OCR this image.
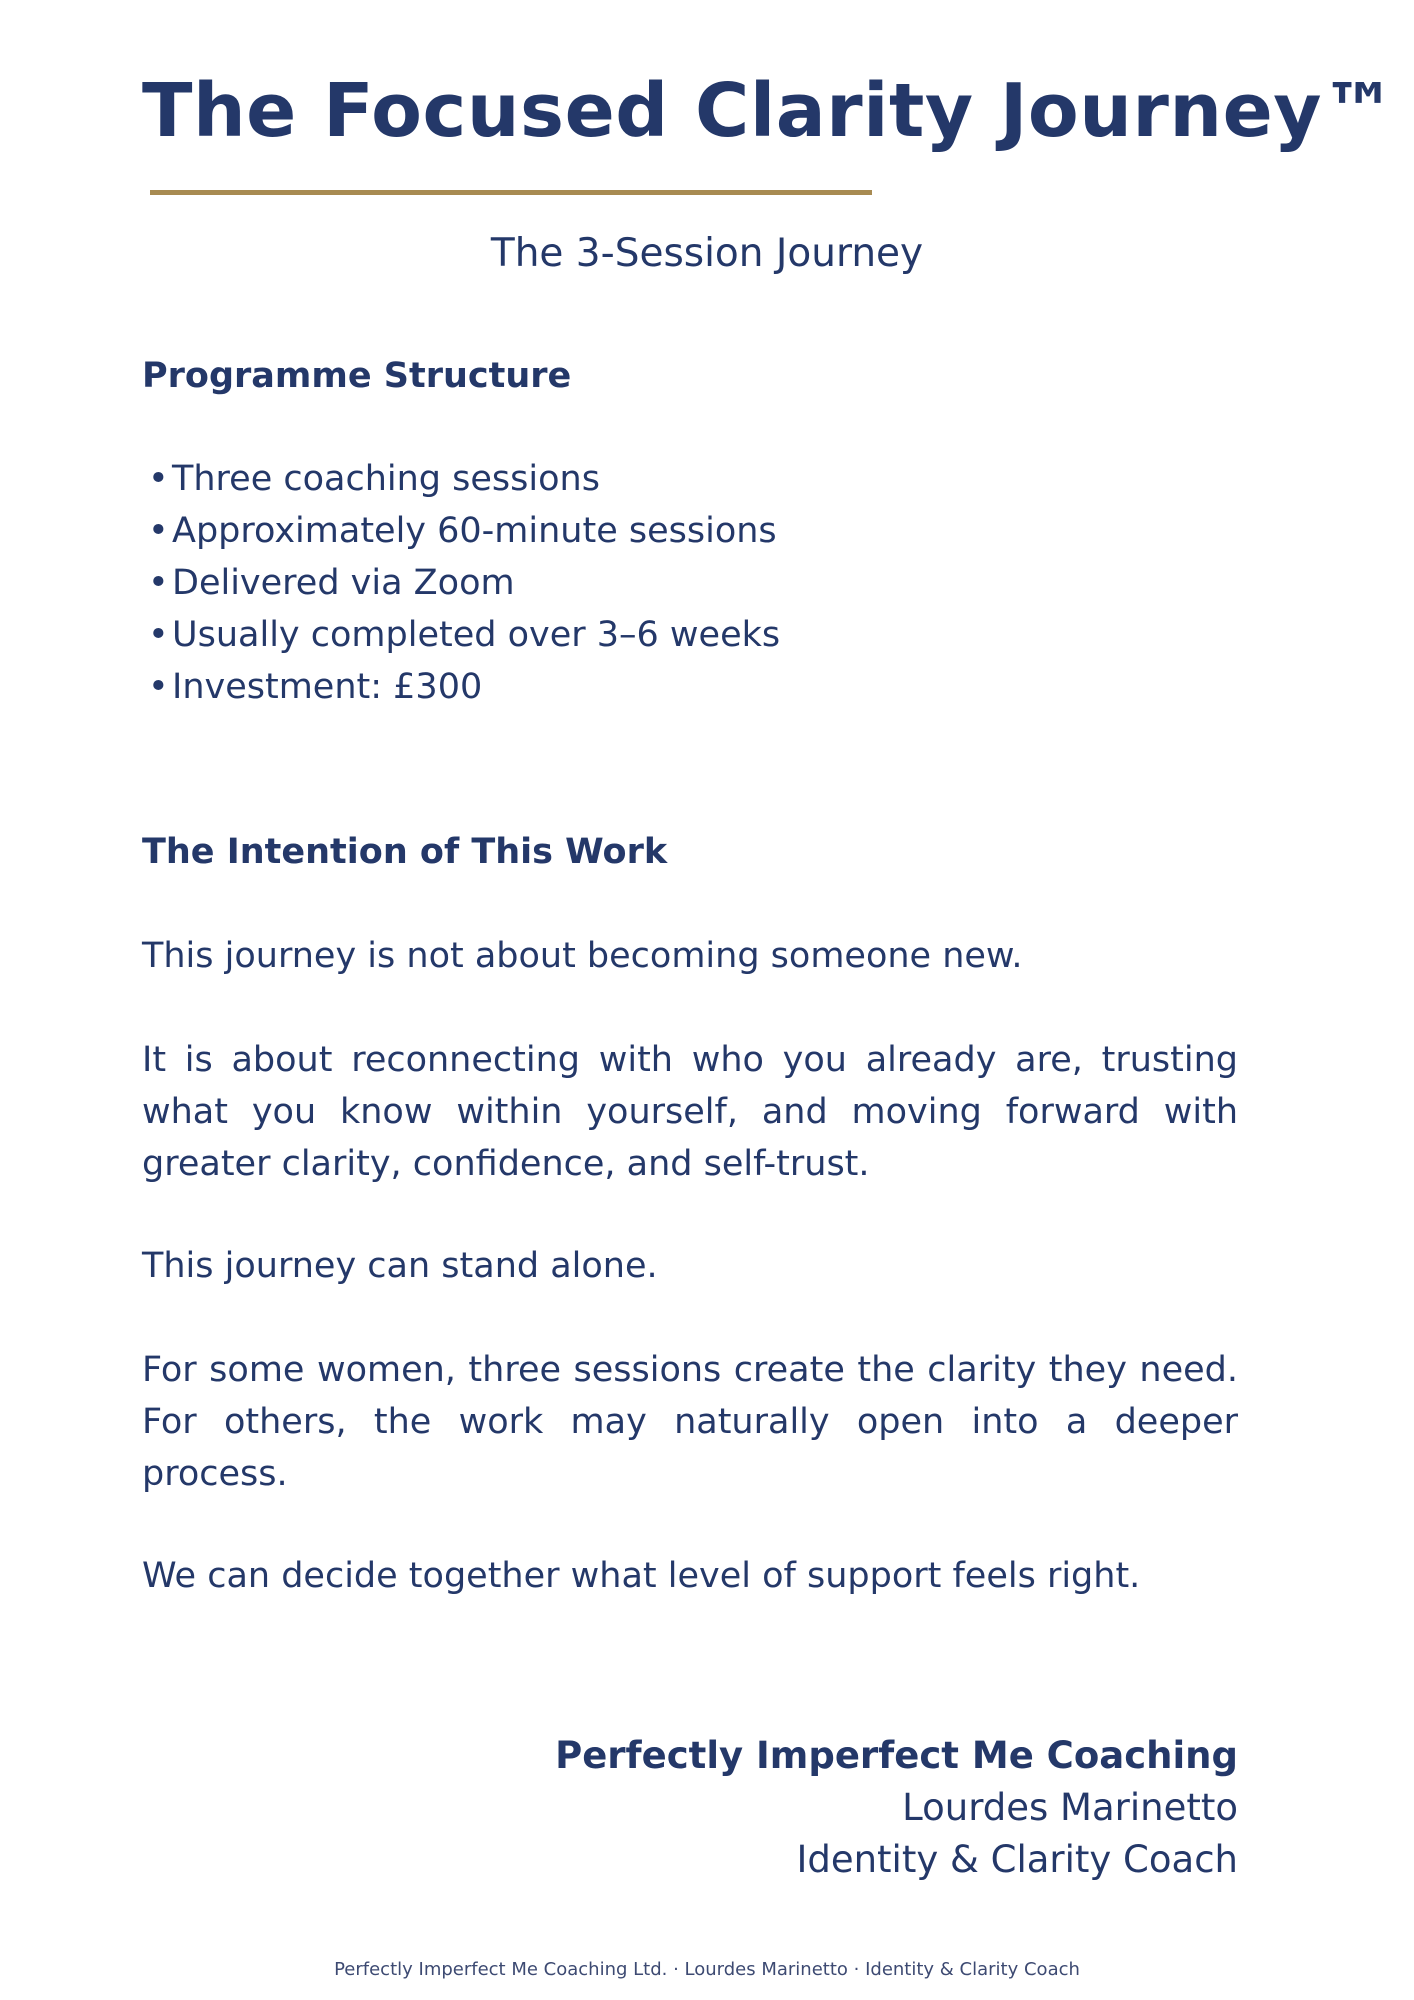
The Focused Clarity Journey™
The 3-Session Journey
Programme Structure
•Three coaching sessions
•Approximately 60-minute sessions
•Delivered via Zoom
•Usually completed over 3–6 weeks
•Investment: £300
The Intention of This Work

This journey is not about becoming someone new.

It is about reconnecting with who you already are, trusting what you know within yourself, and moving forward with greater clarity, confidence, and self-trust.

This journey can stand alone.

For some women, three sessions create the clarity they need. For others, the work may naturally open into a deeper process.

We can decide together what level of support feels right.

Perfectly Imperfect Me Coaching
Lourdes Marinetto
Identity & Clarity Coach
Perfectly Imperfect Me Coaching Ltd. · Lourdes Marinetto · Identity & Clarity Coach
